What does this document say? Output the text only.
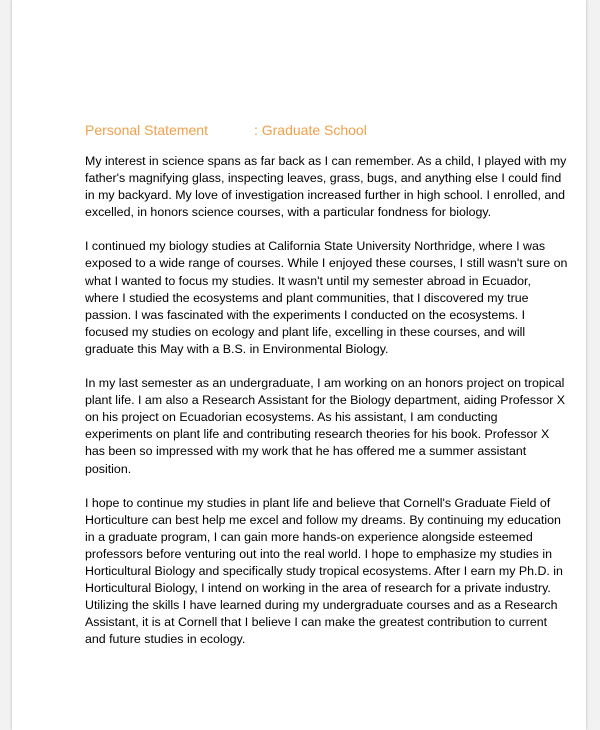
Personal Statement	: Graduate School

My interest in science spans as far back as I can remember. As a child, I played with my
father's magnifying glass, inspecting leaves, grass, bugs, and anything else I could find
in my backyard. My love of investigation increased further in high school. I enrolled, and
excelled, in honors science courses, with a particular fondness for biology.

I continued my biology studies at California State University Northridge, where I was
exposed to a wide range of courses. While I enjoyed these courses, I still wasn't sure on
what I wanted to focus my studies. It wasn't until my semester abroad in Ecuador,
where I studied the ecosystems and plant communities, that I discovered my true
passion. I was fascinated with the experiments I conducted on the ecosystems. I
focused my studies on ecology and plant life, excelling in these courses, and will
graduate this May with a B.S. in Environmental Biology.

In my last semester as an undergraduate, I am working on an honors project on tropical
plant life. I am also a Research Assistant for the Biology department, aiding Professor X
on his project on Ecuadorian ecosystems. As his assistant, I am conducting
experiments on plant life and contributing research theories for his book. Professor X
has been so impressed with my work that he has offered me a summer assistant
position.

I hope to continue my studies in plant life and believe that Cornell's Graduate Field of
Horticulture can best help me excel and follow my dreams. By continuing my education
in a graduate program, I can gain more hands-on experience alongside esteemed
professors before venturing out into the real world. I hope to emphasize my studies in
Horticultural Biology and specifically study tropical ecosystems. After I earn my Ph.D. in
Horticultural Biology, I intend on working in the area of research for a private industry.
Utilizing the skills I have learned during my undergraduate courses and as a Research
Assistant, it is at Cornell that I believe I can make the greatest contribution to current
and future studies in ecology.
